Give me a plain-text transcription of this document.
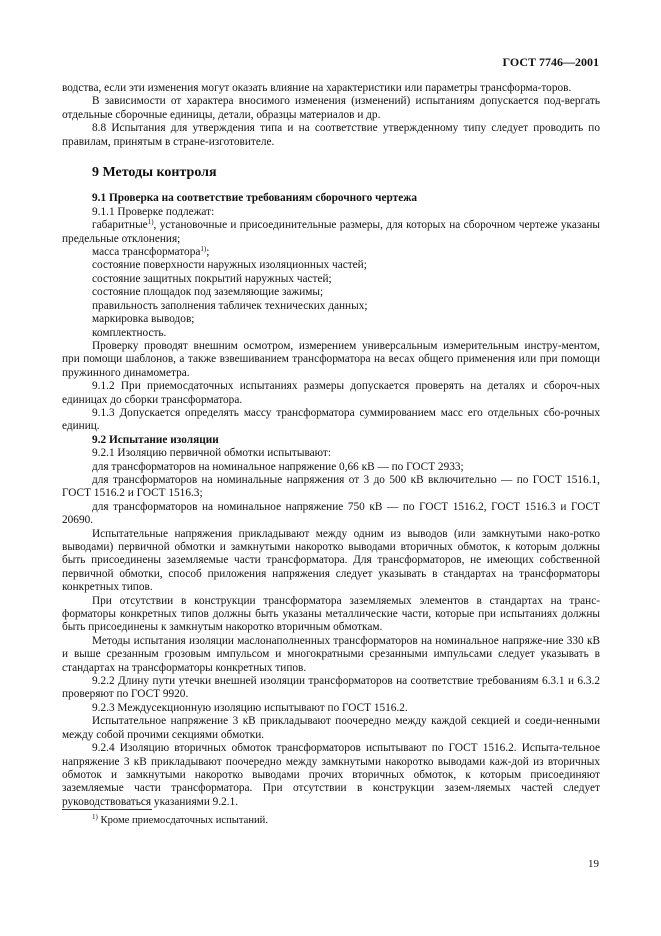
ГОСТ 7746—2001

водства, если эти изменения могут оказать влияние на характеристики или параметры трансформа-торов.

В зависимости от характера вносимого изменения (изменений) испытаниям допускается под-вергать отдельные сборочные единицы, детали, образцы материалов и др.

8.8 Испытания для утверждения типа и на соответствие утвержденному типу следует проводить по правилам, принятым в стране-изготовителе.

9 Методы контроля

9.1 Проверка на соответствие требованиям сборочного чертежа

9.1.1 Проверке подлежат:

габаритные$^{1)}$, установочные и присоединительные размеры, для которых на сборочном чертеже указаны предельные отклонения;

масса трансформатора$^{1)}$;

состояние поверхности наружных изоляционных частей;

состояние защитных покрытий наружных частей;

состояние площадок под заземляющие зажимы;

правильность заполнения табличек технических данных;

маркировка выводов;

комплектность.

Проверку проводят внешним осмотром, измерением универсальным измерительным инстру-ментом, при помощи шаблонов, а также взвешиванием трансформатора на весах общего применения или при помощи пружинного динамометра.

9.1.2 При приемосдаточных испытаниях размеры допускается проверять на деталях и сбороч-ных единицах до сборки трансформатора.

9.1.3 Допускается определять массу трансформатора суммированием масс его отдельных сбо-рочных единиц.

9.2 Испытание изоляции

9.2.1 Изоляцию первичной обмотки испытывают:

для трансформаторов на номинальное напряжение 0,66 кВ — по ГОСТ 2933;

для трансформаторов на номинальные напряжения от 3 до 500 кВ включительно — по ГОСТ 1516.1, ГОСТ 1516.2 и ГОСТ 1516.3;

для трансформаторов на номинальное напряжение 750 кВ — по ГОСТ 1516.2, ГОСТ 1516.3 и ГОСТ 20690.

Испытательные напряжения прикладывают между одним из выводов (или замкнутыми нако-ротко выводами) первичной обмотки и замкнутыми накоротко выводами вторичных обмоток, к которым должны быть присоединены заземляемые части трансформатора. Для трансформаторов, не имеющих собственной первичной обмотки, способ приложения напряжения следует указывать в стандартах на трансформаторы конкретных типов.

При отсутствии в конструкции трансформатора заземляемых элементов в стандартах на транс-форматоры конкретных типов должны быть указаны металлические части, которые при испытаниях должны быть присоединены к замкнутым накоротко вторичным обмоткам.

Методы испытания изоляции маслонаполненных трансформаторов на номинальное напряже-ние 330 кВ и выше срезанным грозовым импульсом и многократными срезанными импульсами следует указывать в стандартах на трансформаторы конкретных типов.

9.2.2 Длину пути утечки внешней изоляции трансформаторов на соответствие требованиям 6.3.1 и 6.3.2 проверяют по ГОСТ 9920.

9.2.3 Междусекционную изоляцию испытывают по ГОСТ 1516.2.

Испытательное напряжение 3 кВ прикладывают поочередно между каждой секцией и соеди-ненными между собой прочими секциями обмотки.

9.2.4 Изоляцию вторичных обмоток трансформаторов испытывают по ГОСТ 1516.2. Испыта-тельное напряжение 3 кВ прикладывают поочередно между замкнутыми накоротко выводами каж-дой из вторичных обмоток и замкнутыми накоротко выводами прочих вторичных обмоток, к которым присоединяют заземляемые части трансформатора. При отсутствии в конструкции зазем-ляемых частей следует руководствоваться указаниями 9.2.1.

$^{1)}$ Кроме приемосдаточных испытаний.

19
